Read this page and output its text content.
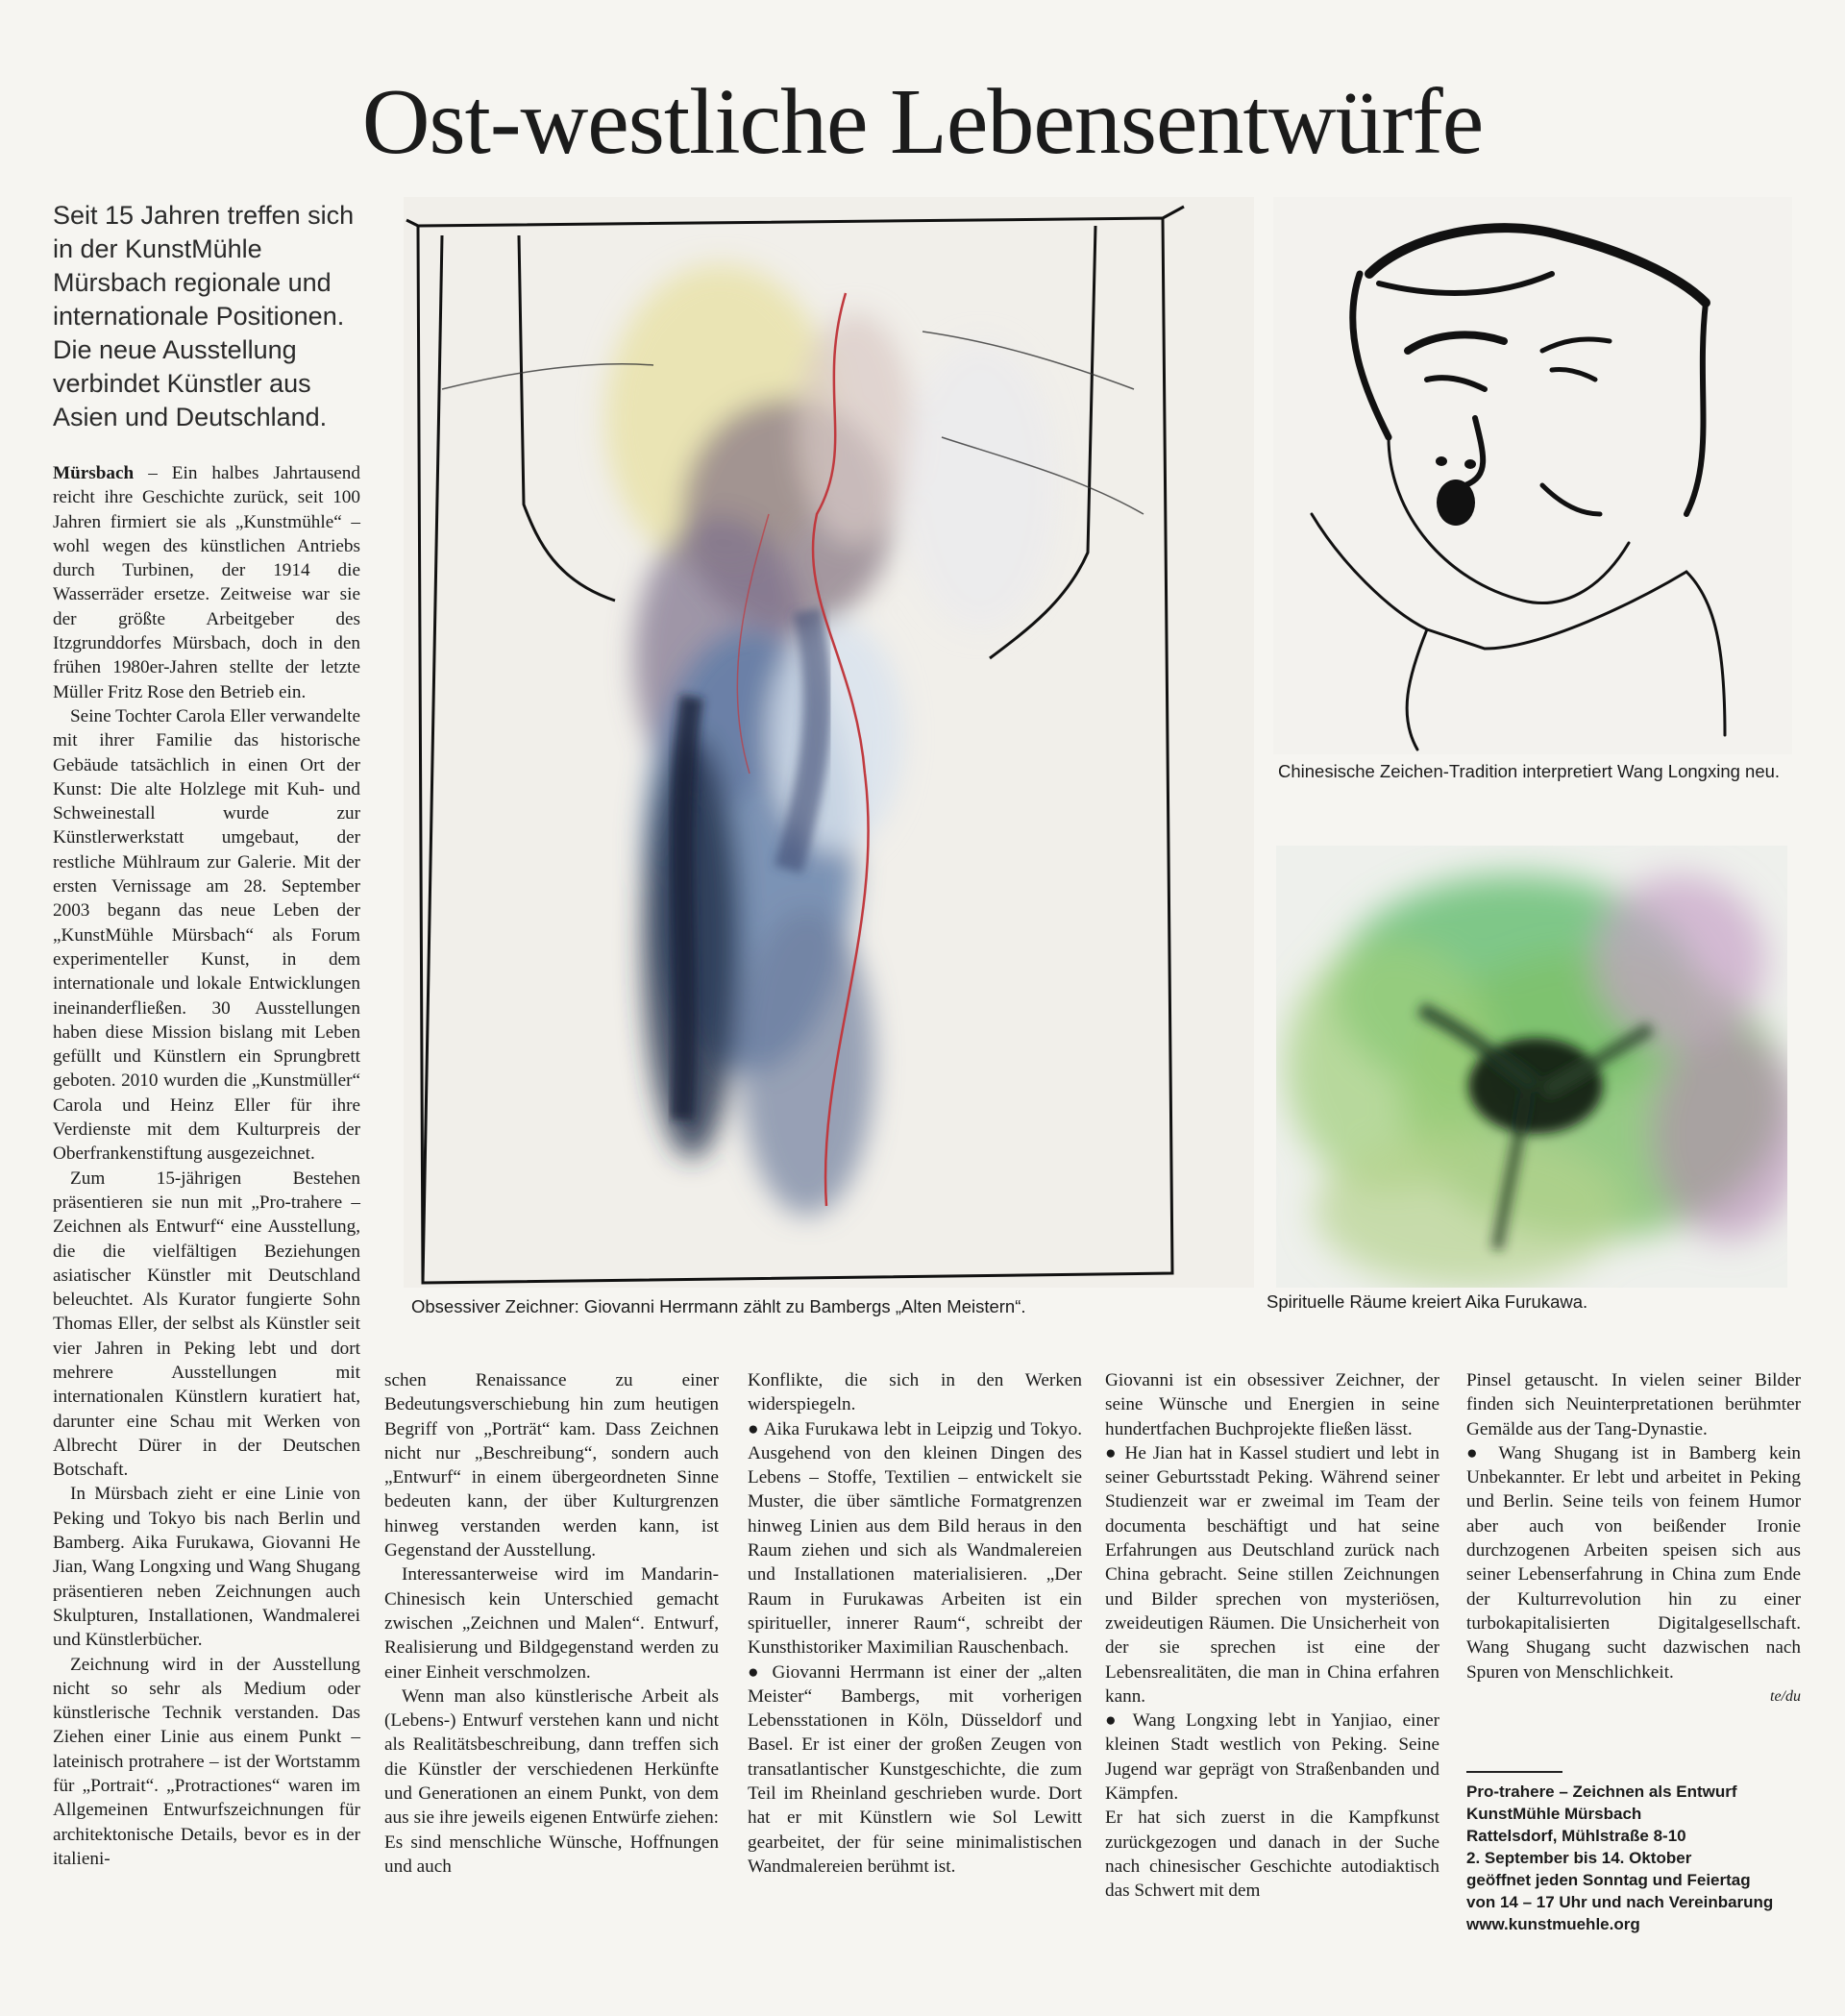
Ost-westliche Lebensentwürfe
Seit 15 Jahren treffen sich in der KunstMühle Mürsbach regionale und internationale Positionen. Die neue Ausstellung verbindet Künstler aus Asien und Deutschland.
Obsessiver Zeichner: Giovanni Herrmann zählt zu Bambergs „Alten Meistern“.
Chinesische Zeichen-Tradition interpretiert Wang Longxing neu.
Spirituelle Räume kreiert Aika Furukawa.

Mürsbach – Ein halbes Jahrtausend reicht ihre Geschichte zurück, seit 100 Jahren firmiert sie als „Kunstmühle“ – wohl wegen des künstlichen Antriebs durch Turbinen, der 1914 die Wasserräder ersetze. Zeitweise war sie der größte Arbeitgeber des Itzgrunddorfes Mürsbach, doch in den frühen 1980er-Jahren stellte der letzte Müller Fritz Rose den Betrieb ein.

Seine Tochter Carola Eller verwandelte mit ihrer Familie das historische Gebäude tatsächlich in einen Ort der Kunst: Die alte Holzlege mit Kuh- und Schweinestall wurde zur Künstlerwerkstatt umgebaut, der restliche Mühlraum zur Galerie. Mit der ersten Vernissage am 28. September 2003 begann das neue Leben der „KunstMühle Mürsbach“ als Forum experimenteller Kunst, in dem internationale und lokale Entwicklungen ineinanderfließen. 30 Ausstellungen haben diese Mission bislang mit Leben gefüllt und Künstlern ein Sprungbrett geboten. 2010 wurden die „Kunstmüller“ Carola und Heinz Eller für ihre Verdienste mit dem Kulturpreis der Oberfrankenstiftung ausgezeichnet.

Zum 15-jährigen Bestehen präsentieren sie nun mit „Pro-trahere – Zeichnen als Entwurf“ eine Ausstellung, die die vielfältigen Beziehungen asiatischer Künstler mit Deutschland beleuchtet. Als Kurator fungierte Sohn Thomas Eller, der selbst als Künstler seit vier Jahren in Peking lebt und dort mehrere Ausstellungen mit internationalen Künstlern kuratiert hat, darunter eine Schau mit Werken von Albrecht Dürer in der Deutschen Botschaft.

In Mürsbach zieht er eine Linie von Peking und Tokyo bis nach Berlin und Bamberg. Aika Furukawa, Giovanni He Jian, Wang Longxing und Wang Shugang präsentieren neben Zeichnungen auch Skulpturen, Installationen, Wandmalerei und Künstlerbücher.

Zeichnung wird in der Ausstellung nicht so sehr als Medium oder künstlerische Technik verstanden. Das Ziehen einer Linie aus einem Punkt – lateinisch protrahere – ist der Wortstamm für „Portrait“. „Protractiones“ waren im Allgemeinen Entwurfszeichnungen für architektonische Details, bevor es in der italieni-

schen Renaissance zu einer Bedeutungsverschiebung hin zum heutigen Begriff von „Porträt“ kam. Dass Zeichnen nicht nur „Beschreibung“, sondern auch „Entwurf“ in einem übergeordneten Sinne bedeuten kann, der über Kulturgrenzen hinweg verstanden werden kann, ist Gegenstand der Ausstellung.

Interessanterweise wird im Mandarin-Chinesisch kein Unterschied gemacht zwischen „Zeichnen und Malen“. Entwurf, Realisierung und Bildgegenstand werden zu einer Einheit verschmolzen.

Wenn man also künstlerische Arbeit als (Lebens-) Entwurf verstehen kann und nicht als Realitätsbeschreibung, dann treffen sich die Künstler der verschiedenen Herkünfte und Generationen an einem Punkt, von dem aus sie ihre jeweils eigenen Entwürfe ziehen: Es sind menschliche Wünsche, Hoffnungen und auch

Konflikte, die sich in den Werken widerspiegeln.

● Aika Furukawa lebt in Leipzig und Tokyo. Ausgehend von den kleinen Dingen des Lebens – Stoffe, Textilien – entwickelt sie Muster, die über sämtliche Formatgrenzen hinweg Linien aus dem Bild heraus in den Raum ziehen und sich als Wandmalereien und Installationen materialisieren. „Der Raum in Furukawas Arbeiten ist ein spiritueller, innerer Raum“, schreibt der Kunsthistoriker Maximilian Rauschenbach.

● Giovanni Herrmann ist einer der „alten Meister“ Bambergs, mit vorherigen Lebensstationen in Köln, Düsseldorf und Basel. Er ist einer der großen Zeugen von transatlantischer Kunstgeschichte, die zum Teil im Rheinland geschrieben wurde. Dort hat er mit Künstlern wie Sol Lewitt gearbeitet, der für seine minimalistischen Wandmalereien berühmt ist.

Giovanni ist ein obsessiver Zeichner, der seine Wünsche und Energien in seine hundertfachen Buchprojekte fließen lässt.

● He Jian hat in Kassel studiert und lebt in seiner Geburtsstadt Peking. Während seiner Studienzeit war er zweimal im Team der documenta beschäftigt und hat seine Erfahrungen aus Deutschland zurück nach China gebracht. Seine stillen Zeichnungen und Bilder sprechen von mysteriösen, zweideutigen Räumen. Die Unsicherheit von der sie sprechen ist eine der Lebensrealitäten, die man in China erfahren kann.

● Wang Longxing lebt in Yanjiao, einer kleinen Stadt westlich von Peking. Seine Jugend war geprägt von Straßenbanden und Kämpfen.

Er hat sich zuerst in die Kampfkunst zurückgezogen und danach in der Suche nach chinesischer Geschichte autodiaktisch das Schwert mit dem

Pinsel getauscht. In vielen seiner Bilder finden sich Neuinterpretationen berühmter Gemälde aus der Tang-Dynastie.

● Wang Shugang ist in Bamberg kein Unbekannter. Er lebt und arbeitet in Peking und Berlin. Seine teils von feinem Humor aber auch von beißender Ironie durchzogenen Arbeiten speisen sich aus seiner Lebenserfahrung in China zum Ende der Kulturrevolution hin zu einer turbokapitalisierten Digitalgesellschaft. Wang Shugang sucht dazwischen nach Spuren von Menschlichkeit.

te/du
Pro-trahere – Zeichnen als Entwurf
KunstMühle Mürsbach
Rattelsdorf, Mühlstraße 8-10
2. September bis 14. Oktober
geöffnet jeden Sonntag und Feiertag
von 14 – 17 Uhr und nach Vereinbarung
www.kunstmuehle.org
